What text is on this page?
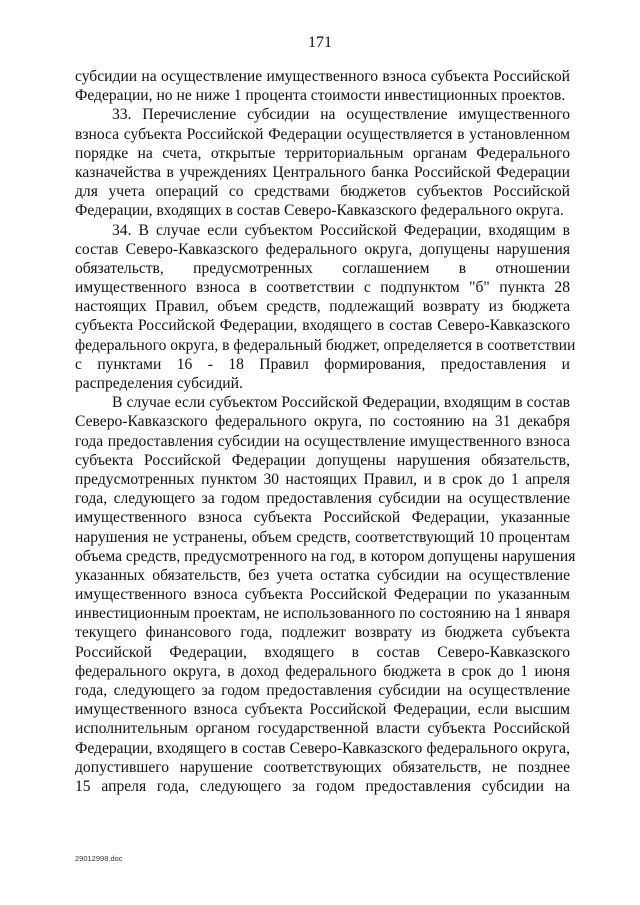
171
субсидии на осуществление имущественного взноса субъекта Российской
Федерации, но не ниже 1 процента стоимости инвестиционных проектов.
33. Перечисление субсидии на осуществление имущественного
взноса субъекта Российской Федерации осуществляется в установленном
порядке на счета, открытые территориальным органам Федерального
казначейства в учреждениях Центрального банка Российской Федерации
для учета операций со средствами бюджетов субъектов Российской
Федерации, входящих в состав Северо-Кавказского федерального округа.
34. В случае если субъектом Российской Федерации, входящим в
состав Северо-Кавказского федерального округа, допущены нарушения
обязательств, предусмотренных соглашением в отношении
имущественного взноса в соответствии с подпунктом "б" пункта 28
настоящих Правил, объем средств, подлежащий возврату из бюджета
субъекта Российской Федерации, входящего в состав Северо-Кавказского
федерального округа, в федеральный бюджет, определяется в соответствии
с пунктами 16 - 18 Правил формирования, предоставления и
распределения субсидий.
В случае если субъектом Российской Федерации, входящим в состав
Северо-Кавказского федерального округа, по состоянию на 31 декабря
года предоставления субсидии на осуществление имущественного взноса
субъекта Российской Федерации допущены нарушения обязательств,
предусмотренных пунктом 30 настоящих Правил, и в срок до 1 апреля
года, следующего за годом предоставления субсидии на осуществление
имущественного взноса субъекта Российской Федерации, указанные
нарушения не устранены, объем средств, соответствующий 10 процентам
объема средств, предусмотренного на год, в котором допущены нарушения
указанных обязательств, без учета остатка субсидии на осуществление
имущественного взноса субъекта Российской Федерации по указанным
инвестиционным проектам, не использованного по состоянию на 1 января
текущего финансового года, подлежит возврату из бюджета субъекта
Российской Федерации, входящего в состав Северо-Кавказского
федерального округа, в доход федерального бюджета в срок до 1 июня
года, следующего за годом предоставления субсидии на осуществление
имущественного взноса субъекта Российской Федерации, если высшим
исполнительным органом государственной власти субъекта Российской
Федерации, входящего в состав Северо-Кавказского федерального округа,
допустившего нарушение соответствующих обязательств, не позднее
15 апреля года, следующего за годом предоставления субсидии на
29012998.doc
